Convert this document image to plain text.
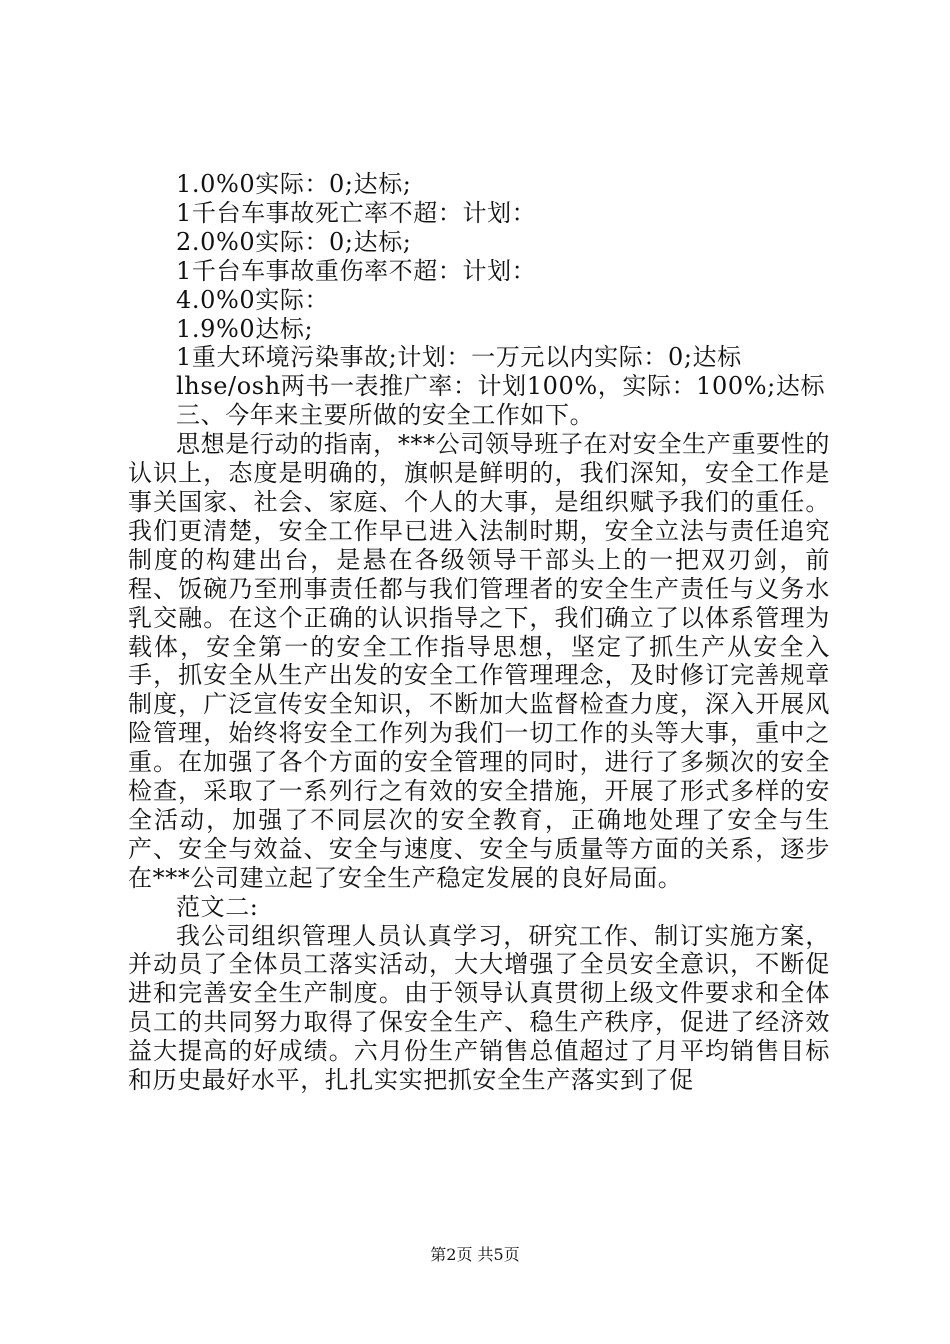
1.0%0实际：0;达标;

1千台车事故死亡率不超：计划：

2.0%0实际：0;达标;

1千台车事故重伤率不超：计划：

4.0%0实际：

1.9%0达标;

1重大环境污染事故;计划：一万元以内实际：0;达标

lhse/osh两书一表推广率：计划100%，实际：100%;达标

三、今年来主要所做的安全工作如下。

思想是行动的指南，***公司领导班子在对安全生产重要性的认识上，态度是明确的，旗帜是鲜明的，我们深知，安全工作是事关国家、社会、家庭、个人的大事，是组织赋予我们的重任。我们更清楚，安全工作早已进入法制时期，安全立法与责任追究制度的构建出台，是悬在各级领导干部头上的一把双刃剑，前程、饭碗乃至刑事责任都与我们管理者的安全生产责任与义务水乳交融。在这个正确的认识指导之下，我们确立了以体系管理为载体，安全第一的安全工作指导思想，坚定了抓生产从安全入手，抓安全从生产出发的安全工作管理理念，及时修订完善规章制度，广泛宣传安全知识，不断加大监督检查力度，深入开展风险管理，始终将安全工作列为我们一切工作的头等大事，重中之重。在加强了各个方面的安全管理的同时，进行了多频次的安全检查，采取了一系列行之有效的安全措施，开展了形式多样的安全活动，加强了不同层次的安全教育，正确地处理了安全与生产、安全与效益、安全与速度、安全与质量等方面的关系，逐步在***公司建立起了安全生产稳定发展的良好局面。

范文二:

我公司组织管理人员认真学习，研究工作、制订实施方案，并动员了全体员工落实活动，大大增强了全员安全意识，不断促进和完善安全生产制度。由于领导认真贯彻上级文件要求和全体员工的共同努力取得了保安全生产、稳生产秩序，促进了经济效益大提高的好成绩。六月份生产销售总值超过了月平均销售目标和历史最好水平，扎扎实实把抓安全生产落实到了促

第2页 共5页
